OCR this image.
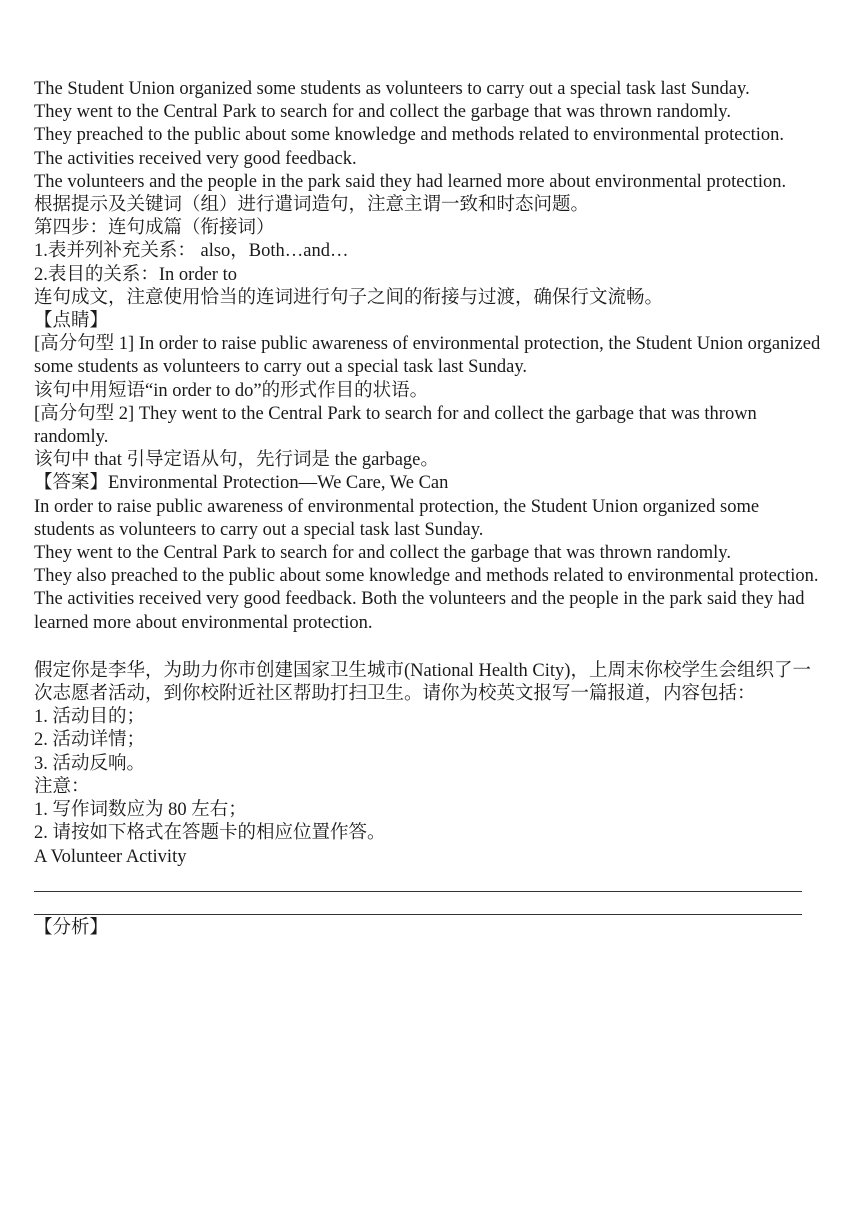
The Student Union organized some students as volunteers to carry out a special task last Sunday.
They went to the Central Park to search for and collect the garbage that was thrown randomly.
They preached to the public about some knowledge and methods related to environmental protection.
The activities received very good feedback.
The volunteers and the people in the park said they had learned more about environmental protection.
根据提示及关键词（组）进行遣词造句，注意主谓一致和时态问题。
第四步：连句成篇（衔接词）
1.表并列补充关系： also，Both…and…
2.表目的关系：In order to
连句成文，注意使用恰当的连词进行句子之间的衔接与过渡，确保行文流畅。
【点睛】
[高分句型 1] In order to raise public awareness of environmental protection, the Student Union organized some students as volunteers to carry out a special task last Sunday.
该句中用短语“in order to do”的形式作目的状语。
[高分句型 2] They went to the Central Park to search for and collect the garbage that was thrown randomly.
该句中 that 引导定语从句，先行词是 the garbage。
【答案】Environmental Protection—We Care, We Can
In order to raise public awareness of environmental protection, the Student Union organized some students as volunteers to carry out a special task last Sunday.
They went to the Central Park to search for and collect the garbage that was thrown randomly.
They also preached to the public about some knowledge and methods related to environmental protection.
The activities received very good feedback. Both the volunteers and the people in the park said they had learned more about environmental protection.
假定你是李华，为助力你市创建国家卫生城市(National Health City)，上周末你校学生会组织了一次志愿者活动，到你校附近社区帮助打扫卫生。请你为校英文报写一篇报道，内容包括：
1. 活动目的；
2. 活动详情；
3. 活动反响。
注意：
1. 写作词数应为 80 左右；
2. 请按如下格式在答题卡的相应位置作答。
A Volunteer Activity
【分析】
